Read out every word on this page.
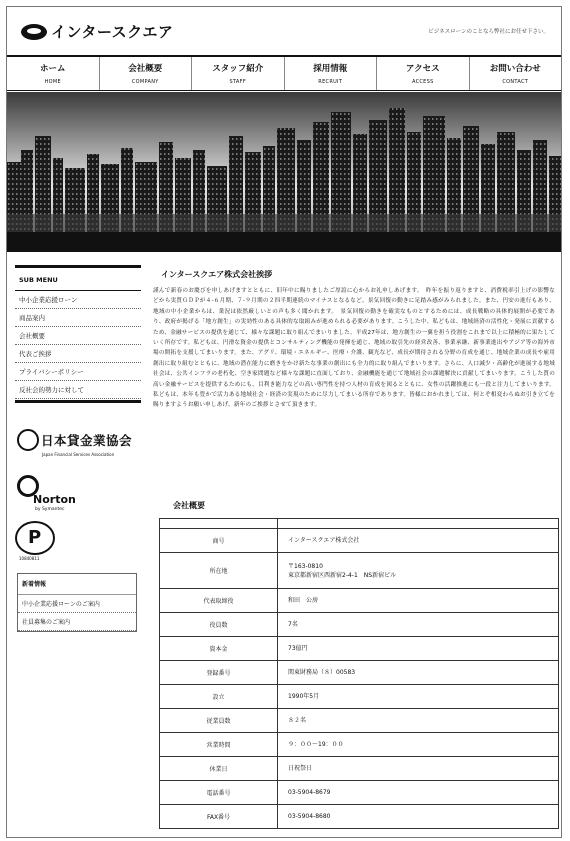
インタースクエア	ビジネスローンのことなら弊社にお任せ下さい。
ホーム
HOME
会社概要
COMPANY
スタッフ紹介
STAFF
採用情報
RECRUIT
アクセス
ACCESS
お問い合わせ
CONTACT
SUB MENU
中小企業応援ローン
商品案内
会社概要
代表ご挨拶
プライバシーポリシー
反社会的勢力に対して
日本貸金業協会
Japan Financial Services Association
Norton
by Symantec
P
10840811
新着情報
中小企業応援ローンのご案内
社員募集のご案内
インタースクエア株式会社挨拶

謹んで新春のお慶びを申しあげますとともに、旧年中に賜りましたご厚誼に心からお礼申しあげます。　昨年を振り返りますと、消費税率引上げの影響などから実質ＧＤＰが４-６月期、７-９月期の２四半期連続のマイナスとなるなど、景気回復の動きに足踏み感がみられました。また、円安の進行もあり、地域の中小企業からは、業況は依然厳しいとの声も多く聞かれます。　景気回復の動きを確実なものとするためには、成長戦略の具体的展開が必要であり、政府が掲げる「地方創生」の実効性のある具体的な取組みが進められる必要があります。こうした中、私どもは、地域経済の活性化・発展に貢献するため、金融サービスの提供を通じて、様々な課題に取り組んでまいりました。平成27年は、地方創生の一翼を担う役割をこれまで以上に積極的に果たしていく所存です。私どもは、円滑な資金の提供とコンサルティング機能の発揮を通じ、地域の取引先の経営改善、事業承継、新事業進出やアジア等の海外市場の開拓を支援してまいります。また、アグリ、環境・エネルギー、医療・介護、観光など、成長が期待される分野の育成を通じ、地域企業の成長や雇用創出に取り組むとともに、地域の潜在能力に磨きをかけ新たな事業の創出にも全力的に取り組んでまいります。さらに、人口減少・高齢化が進展する地域社会は、公共インフラの老朽化、空き家問題など様々な課題に直面しており、金融機能を通じて地域社会の課題解決に貢献してまいります。こうした質の高い金融サービスを提供するためにも、目利き能力などの高い専門性を持つ人材の育成を図るとともに、女性の活躍推進にも一段と注力してまいります。私どもは、本年も豊かで活力ある地域社会・経済の実現のために尽力してまいる所存であります。皆様におかれましては、何とぞ相変わらぬお引き立てを賜りますようお願い申しあげ、新年のご挨拶とさせて頂きます。

会社概要

商号	インタースクエア株式会社
所在地	〒163-0810
東京都新宿区西新宿2-4-1　NS新宿ビル

代表取締役	和田　公房
役員数	7名
資本金	73億円
登録番号	関東財務局（８）00583
設立	1990年5月
従業員数	８２名
営業時間	９：００～19：００
休業日	日祝祭日
電話番号	03-5904-8679
FAX番号	03-5904-8680
